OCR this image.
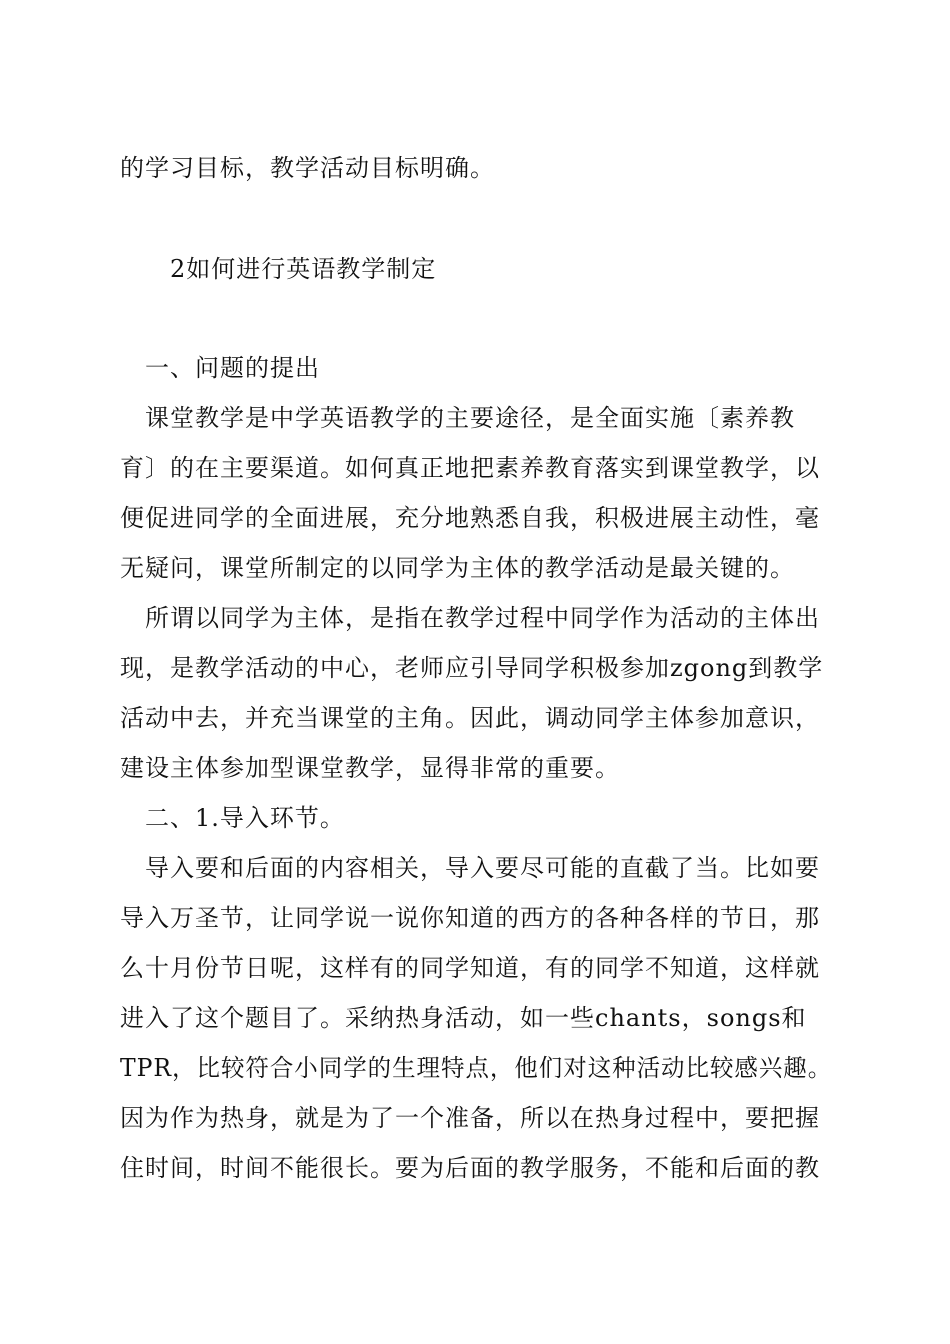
的学习目标，教学活动目标明确。
2如何进行英语教学制定
一、问题的提出
课堂教学是中学英语教学的主要途径，是全面实施〔素养教
育〕的在主要渠道。如何真正地把素养教育落实到课堂教学，以
便促进同学的全面进展，充分地熟悉自我，积极进展主动性，毫
无疑问，课堂所制定的以同学为主体的教学活动是最关键的。
所谓以同学为主体，是指在教学过程中同学作为活动的主体出
现，是教学活动的中心，老师应引导同学积极参加zgong到教学
活动中去，并充当课堂的主角。因此，调动同学主体参加意识，
建设主体参加型课堂教学，显得非常的重要。
二、1.导入环节。
导入要和后面的内容相关，导入要尽可能的直截了当。比如要
导入万圣节，让同学说一说你知道的西方的各种各样的节日，那
么十月份节日呢，这样有的同学知道，有的同学不知道，这样就
进入了这个题目了。采纳热身活动，如一些chants，songs和
TPR，比较符合小同学的生理特点，他们对这种活动比较感兴趣。
因为作为热身，就是为了一个准备，所以在热身过程中，要把握
住时间，时间不能很长。要为后面的教学服务，不能和后面的教
